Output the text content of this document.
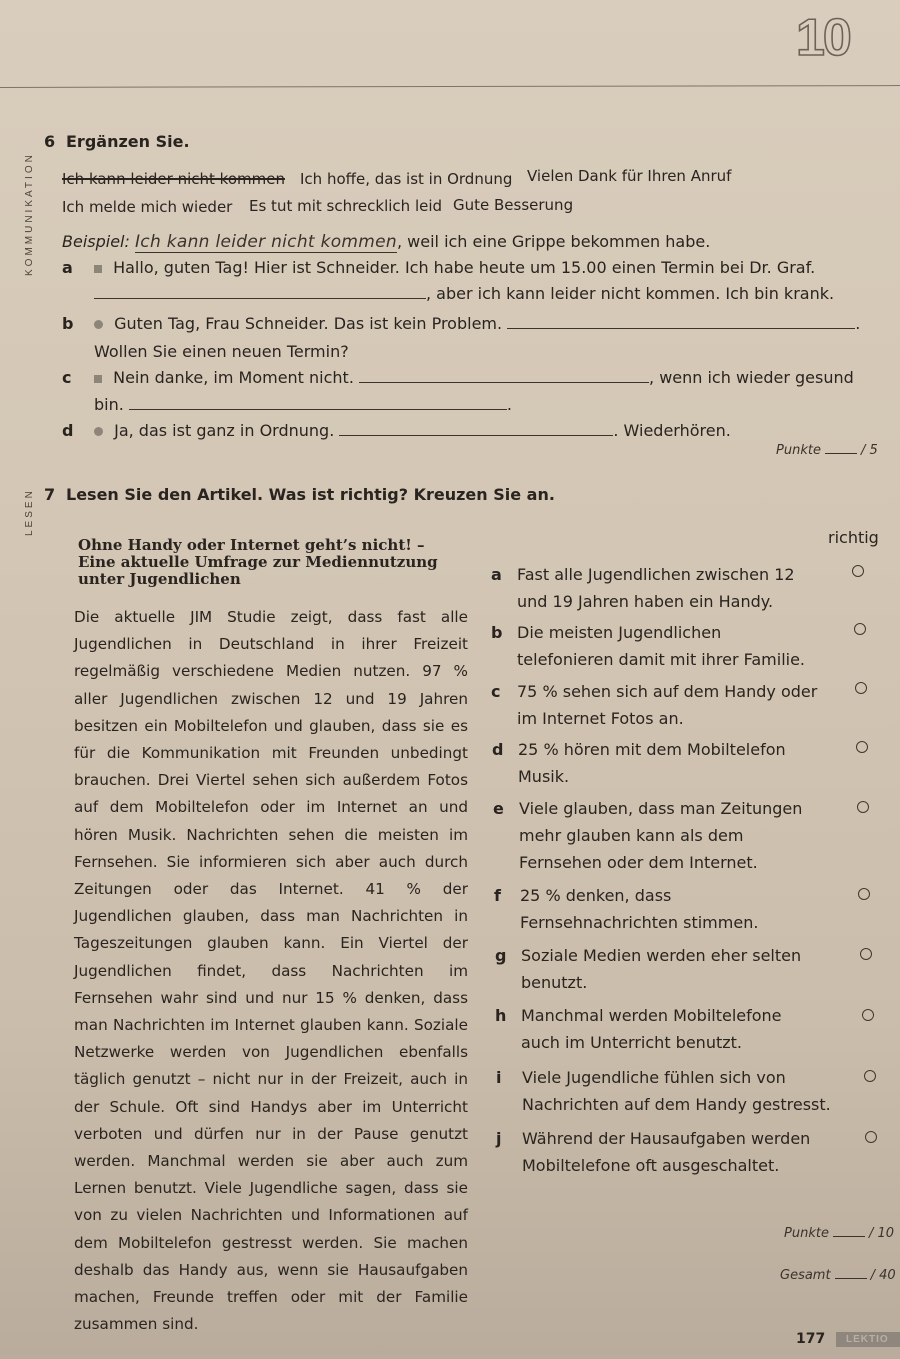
10
KOMMUNIKATION
LESEN
6 Ergänzen Sie.
Ich kann leider nicht kommen Ich hoffe, das ist in Ordnung Vielen Dank für Ihren Anruf
Ich melde mich wieder Es tut mit schrecklich leid Gute Besserung
Beispiel: Ich kann leider nicht kommen, weil ich eine Grippe bekommen habe.
a	Hallo, guten Tag! Hier ist Schneider. Ich habe heute um 15.00 einen Termin bei Dr. Graf.
, aber ich kann leider nicht kommen. Ich bin krank.
b	Guten Tag, Frau Schneider. Das ist kein Problem.	.
Wollen Sie einen neuen Termin?
c	Nein danke, im Moment nicht.	, wenn ich wieder gesund
bin.	.
d	Ja, das ist ganz in Ordnung.	. Wiederhören.
Punkte	/ 5
7 Lesen Sie den Artikel. Was ist richtig? Kreuzen Sie an.
Ohne Handy oder Internet geht’s nicht! –
Eine aktuelle Umfrage zur Mediennutzung
unter Jugendlichen
Die aktuelle JIM Studie zeigt, dass fast alle Jugendlichen in Deutschland in ihrer Freizeit regelmäßig verschiedene Medien nutzen. 97 % aller Jugendlichen zwischen 12 und 19 Jahren besitzen ein Mobiltelefon und glauben, dass sie es für die Kommunikation mit Freunden unbedingt brauchen. Drei Viertel sehen sich außerdem Fotos auf dem Mobiltelefon oder im Internet an und hören Musik. Nachrichten sehen die meisten im Fernsehen. Sie informieren sich aber auch durch Zeitungen oder das Internet. 41 % der Jugendlichen glauben, dass man Nachrichten in Tageszeitungen glauben kann. Ein Viertel der Jugendlichen findet, dass Nachrichten im Fernsehen wahr sind und nur 15 % denken, dass man Nachrichten im Internet glauben kann. Soziale Netzwerke werden von Jugendlichen ebenfalls täglich genutzt – nicht nur in der Freizeit, auch in der Schule. Oft sind Handys aber im Unterricht verboten und dürfen nur in der Pause genutzt werden. Manchmal werden sie aber auch zum Lernen benutzt. Viele Jugendliche sagen, dass sie von zu vielen Nachrichten und Informationen auf dem Mobiltelefon gestresst werden. Sie machen deshalb das Handy aus, wenn sie Hausaufgaben machen, Freunde treffen oder mit der Familie zusammen sind.
richtig
a Fast alle Jugendlichen zwischen 12 und 19 Jahren haben ein Handy.
b Die meisten Jugendlichen telefonieren damit mit ihrer Familie.
c 75 % sehen sich auf dem Handy oder im Internet Fotos an.
d 25 % hören mit dem Mobiltelefon Musik.
e Viele glauben, dass man Zeitungen mehr glauben kann als dem Fernsehen oder dem Internet.
f 25 % denken, dass Fernsehnachrichten stimmen.
g Soziale Medien werden eher selten benutzt.
h Manchmal werden Mobiltelefone auch im Unterricht benutzt.
i Viele Jugendliche fühlen sich von Nachrichten auf dem Handy gestresst.
j Während der Hausaufgaben werden Mobiltelefone oft ausgeschaltet.
Punkte	/ 10
Gesamt	/ 40
177	LEKTIO
